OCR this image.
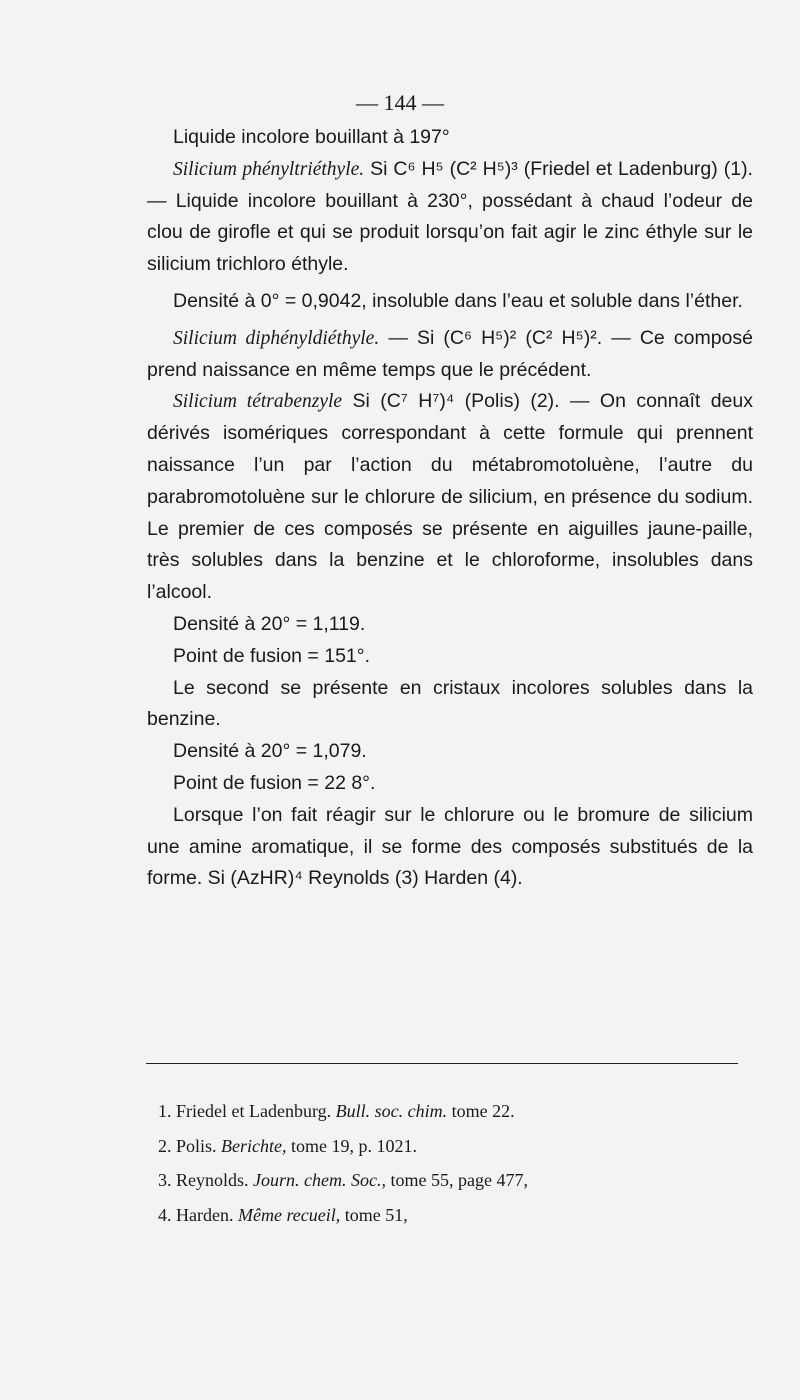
— 144 —

Liquide incolore bouillant à 197°

Silicium phényltriéthyle. Si C⁶ H⁵ (C² H⁵)³ (Friedel et Ladenburg) (1).— Liquide incolore bouillant à 230°, possédant à chaud l’odeur de clou de girofle et qui se produit lorsqu’on fait agir le zinc éthyle sur le silicium trichloro éthyle.

Densité à 0° = 0,9042, insoluble dans l’eau et soluble dans l’éther.

Silicium diphényldiéthyle. — Si (C⁶ H⁵)² (C² H⁵)². — Ce composé prend naissance en même temps que le précédent.

Silicium tétrabenzyle Si (C⁷ H⁷)⁴ (Polis) (2). — On connaît deux dérivés isomériques correspondant à cette formule qui prennent naissance l’un par l’action du métabromotoluène, l’autre du parabromotoluène sur le chlorure de silicium, en présence du sodium. Le premier de ces composés se présente en aiguilles jaune-paille, très solubles dans la benzine et le chloroforme, insolubles dans l’alcool.

Densité à 20° = 1,119.

Point de fusion = 151°.

Le second se présente en cristaux incolores solubles dans la benzine.

Densité à 20° = 1,079.

Point de fusion = 22 8°.

Lorsque l’on fait réagir sur le chlorure ou le bromure de silicium une amine aromatique, il se forme des composés substitués de la forme. Si (AzHR)⁴ Reynolds (3) Harden (4).

1. Friedel et Ladenburg. Bull. soc. chim. tome 22.
2. Polis. Berichte, tome 19, p. 1021.
3. Reynolds. Journ. chem. Soc., tome 55, page 477,
4. Harden. Même recueil, tome 51,
